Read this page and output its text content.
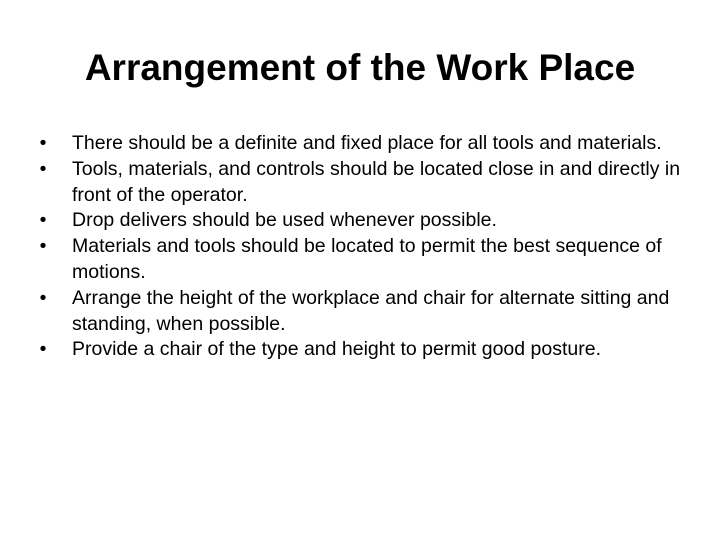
Arrangement of the Work Place
• There should be a definite and fixed place for all tools and materials.
• Tools, materials, and controls should be located close in and directly in front of the operator.
• Drop delivers should be used whenever possible.
• Materials and tools should be located to permit the best sequence of motions.
• Arrange the height of the workplace and chair for alternate sitting and standing, when possible.
• Provide a chair of the type and height to permit good posture.
